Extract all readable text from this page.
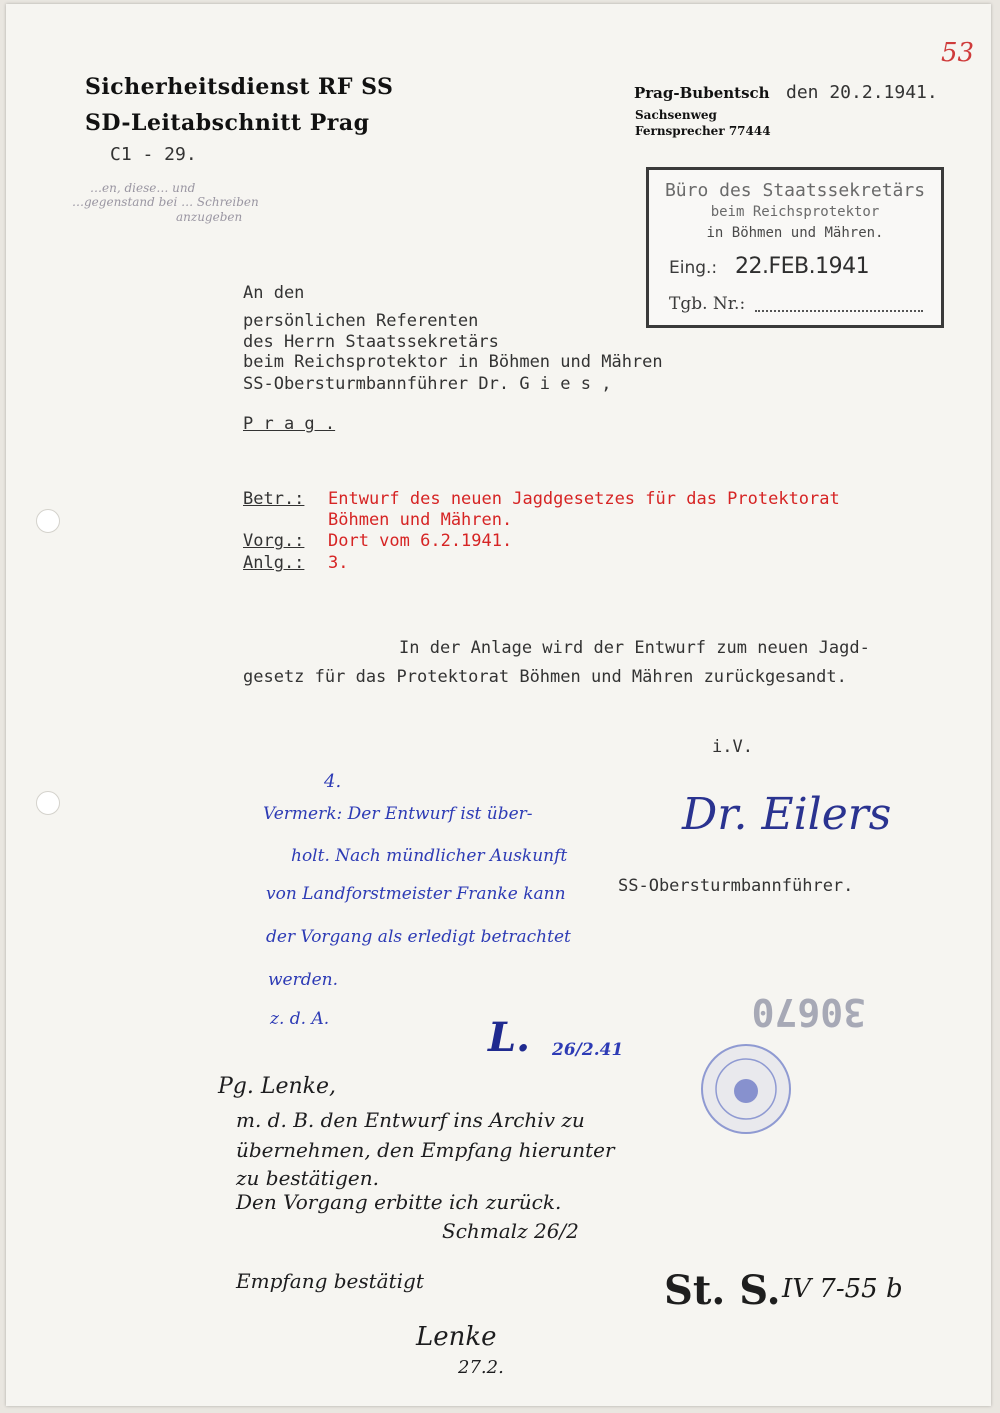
53
Sicherheitsdienst RF SS
SD-Leitabschnitt Prag
C1 - 29.
…en, diese… und
…gegenstand bei … Schreiben
anzugeben
Prag-Bubentsch
Sachsenweg
Fernsprecher 77444
den 20.2.1941.
Büro des Staatssekretärs
beim Reichsprotektor
in Böhmen und Mähren.
Eing.: 22.FEB.1941
Tgb. Nr.:
An den
persönlichen Referenten
des Herrn Staatssekretärs
beim Reichsprotektor in Böhmen und Mähren
SS-Obersturmbannführer Dr. G i e s ,
P r a g .
Betr.: Entwurf des neuen Jagdgesetzes für das Protektorat
Böhmen und Mähren.
Vorg.: Dort vom 6.2.1941.
Anlg.: 3.
In der Anlage wird der Entwurf zum neuen Jagd-
gesetz für das Protektorat Böhmen und Mähren zurückgesandt.
i.V.
Dr. Eilers
SS-Obersturmbannführer.
4.
Vermerk: Der Entwurf ist über-
holt. Nach mündlicher Auskunft
von Landforstmeister Franke kann
der Vorgang als erledigt betrachtet
werden.
z. d. A.	L. 26/2.41
30670
Pg. Lenke,
m. d. B. den Entwurf ins Archiv zu
übernehmen, den Empfang hierunter
zu bestätigen.
Den Vorgang erbitte ich zurück.
Schmalz 26/2
Empfang bestätigt
Lenke
27.2.
St. S. IV 7-55 b
